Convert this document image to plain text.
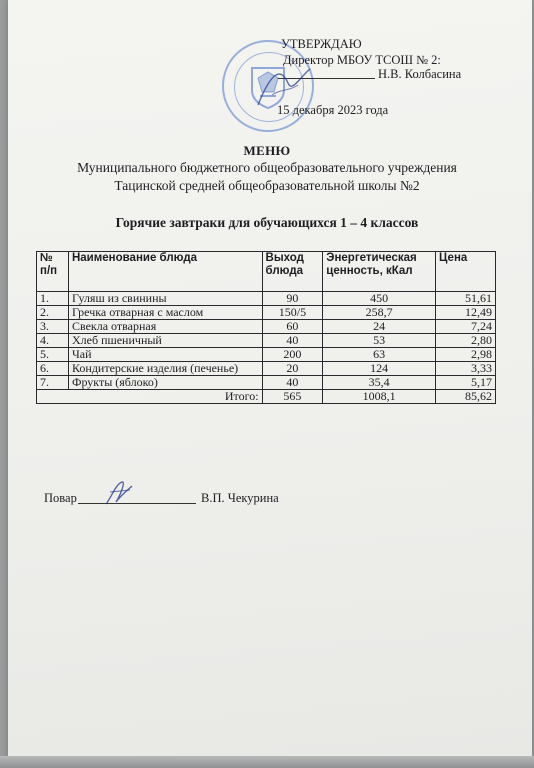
УТВЕРЖДАЮ
Директор МБОУ ТСОШ № 2:
Н.В. Колбасина
15 декабря 2023 года
МЕНЮ
Муниципального бюджетного общеобразовательного учреждения
Тацинской средней общеобразовательной школы №2
Горячие завтраки для обучающихся 1 – 4 классов
№ п/п	Наименование блюда	Выход блюда	Энергетическая ценность, кКал	Цена
1.	Гуляш из свинины	90	450	51,61
2.	Гречка отварная с маслом	150/5	258,7	12,49
3.	Свекла отварная	60	24	7,24
4.	Хлеб пшеничный	40	53	2,80
5.	Чай	200	63	2,98
6.	Кондитерские изделия (печенье)	20	124	3,33
7.	Фрукты (яблоко)	40	35,4	5,17
Итого:		565	1008,1	85,62
Повар	В.П. Чекурина
